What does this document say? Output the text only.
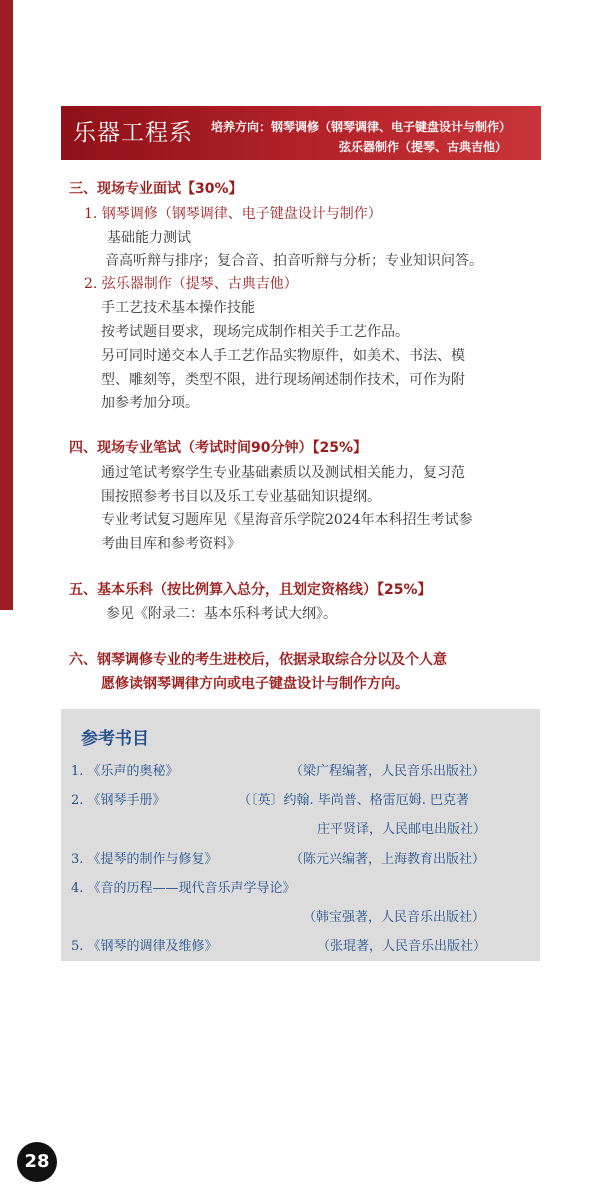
乐器工程系 培养方向：钢琴调修（钢琴调律、电子键盘设计与制作）
弦乐器制作（提琴、古典吉他）
三、现场专业面试【30%】
1. 钢琴调修（钢琴调律、电子键盘设计与制作）
基础能力测试
音高听辩与排序；复合音、拍音听辩与分析；专业知识问答。
2. 弦乐器制作（提琴、古典吉他）
手工艺技术基本操作技能
按考试题目要求，现场完成制作相关手工艺作品。
另可同时递交本人手工艺作品实物原件，如美术、书法、模
型、雕刻等，类型不限，进行现场阐述制作技术，可作为附
加参考加分项。
四、现场专业笔试（考试时间90分钟）【25%】
通过笔试考察学生专业基础素质以及测试相关能力，复习范
围按照参考书目以及乐工专业基础知识提纲。
专业考试复习题库见《星海音乐学院2024年本科招生考试参
考曲目库和参考资料》
五、基本乐科（按比例算入总分，且划定资格线）【25%】
参见《附录二：基本乐科考试大纲》。
六、钢琴调修专业的考生进校后，依据录取综合分以及个人意
愿修读钢琴调律方向或电子键盘设计与制作方向。
参考书目
1. 《乐声的奥秘》	（梁广程编著，人民音乐出版社）
2. 《钢琴手册》	（〔英〕约翰. 毕尚普、格雷厄姆. 巴克著
庄平贤译，人民邮电出版社）
3. 《提琴的制作与修复》	（陈元兴编著，上海教育出版社）
4. 《音的历程——现代音乐声学导论》
（韩宝强著，人民音乐出版社）
5. 《钢琴的调律及维修》	（张琨著，人民音乐出版社）
28
